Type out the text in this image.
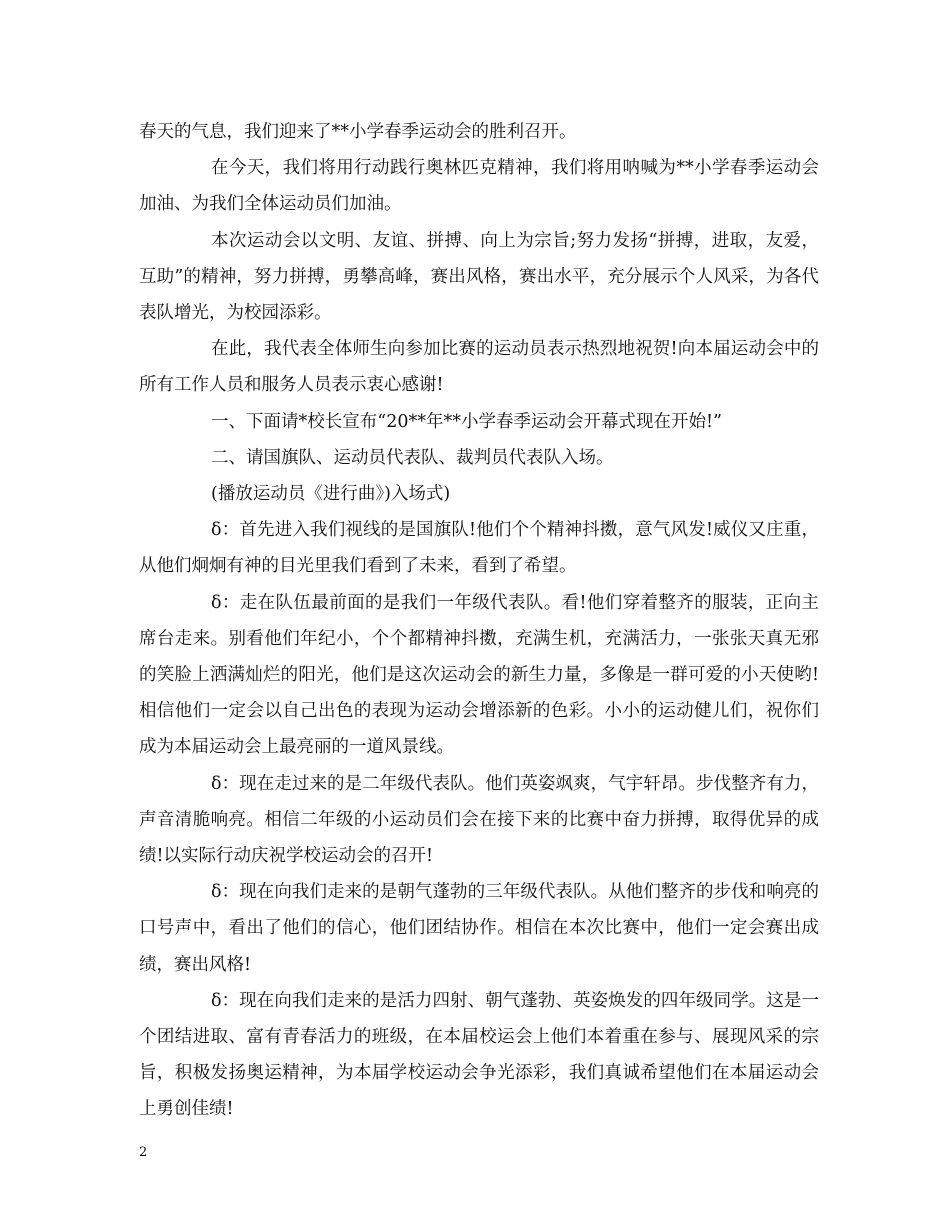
春天的气息，我们迎来了**小学春季运动会的胜利召开。

在今天，我们将用行动践行奥林匹克精神，我们将用呐喊为**小学春季运动会加油、为我们全体运动员们加油。

本次运动会以文明、友谊、拼搏、向上为宗旨;努力发扬“拼搏，进取，友爱，互助”的精神，努力拼搏，勇攀高峰，赛出风格，赛出水平，充分展示个人风采，为各代表队增光，为校园添彩。

在此，我代表全体师生向参加比赛的运动员表示热烈地祝贺!向本届运动会中的所有工作人员和服务人员表示衷心感谢!

一、下面请*校长宣布“20**年**小学春季运动会开幕式现在开始!”

二、请国旗队、运动员代表队、裁判员代表队入场。

(播放运动员《进行曲》)入场式)

δ：首先进入我们视线的是国旗队!他们个个精神抖擞，意气风发!威仪又庄重，从他们炯炯有神的目光里我们看到了未来，看到了希望。

δ：走在队伍最前面的是我们一年级代表队。看!他们穿着整齐的服装，正向主席台走来。别看他们年纪小，个个都精神抖擞，充满生机，充满活力，一张张天真无邪的笑脸上洒满灿烂的阳光，他们是这次运动会的新生力量，多像是一群可爱的小天使哟!相信他们一定会以自己出色的表现为运动会增添新的色彩。小小的运动健儿们，祝你们成为本届运动会上最亮丽的一道风景线。

δ：现在走过来的是二年级代表队。他们英姿飒爽，气宇轩昂。步伐整齐有力，声音清脆响亮。相信二年级的小运动员们会在接下来的比赛中奋力拼搏，取得优异的成绩!以实际行动庆祝学校运动会的召开!

δ：现在向我们走来的是朝气蓬勃的三年级代表队。从他们整齐的步伐和响亮的口号声中，看出了他们的信心，他们团结协作。相信在本次比赛中，他们一定会赛出成绩，赛出风格!

δ：现在向我们走来的是活力四射、朝气蓬勃、英姿焕发的四年级同学。这是一个团结进取、富有青春活力的班级，在本届校运会上他们本着重在参与、展现风采的宗旨，积极发扬奥运精神，为本届学校运动会争光添彩，我们真诚希望他们在本届运动会上勇创佳绩!

2
